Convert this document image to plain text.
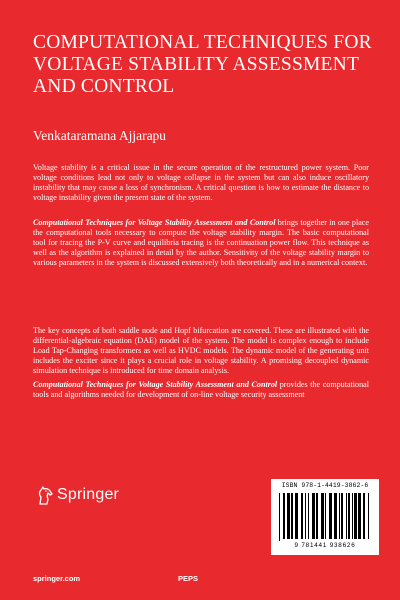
COMPUTATIONAL TECHNIQUES FOR VOLTAGE STABILITY ASSESSMENT AND CONTROL

Venkataramana Ajjarapu

Voltage stability is a critical issue in the secure operation of the restructured power system. Poor voltage conditions lead not only to voltage collapse in the system but can also induce oscillatory instability that may cause a loss of synchronism. A critical question is how to estimate the distance to voltage instability given the present state of the system.

Computational Techniques for Voltage Stability Assessment and Control brings together in one place the computational tools necessary to compute the voltage stability margin. The basic computational tool for tracing the P-V curve and equilibria tracing is the continuation power flow. This technique as well as the algorithm is explained in detail by the author. Sensitivity of the voltage stability margin to various parameters in the system is discussed extensively both theoretically and in a numerical context.

The key concepts of both saddle node and Hopf bifurcation are covered. These are illustrated with the differential-algebraic equation (DAE) model of the system. The model is complex enough to include Load Tap-Changing transformers as well as HVDC models. The dynamic model of the generating unit includes the exciter since it plays a crucial role in voltage stability. A promising decoupled dynamic simulation technique is introduced for time domain analysis.

Computational Techniques for Voltage Stability Assessment and Control provides the computational tools and algorithms needed for development of on-line voltage security assessment

Springer
springer.com	PEPS
ISBN 978-1-4419-3862-6
9 781441 938626
